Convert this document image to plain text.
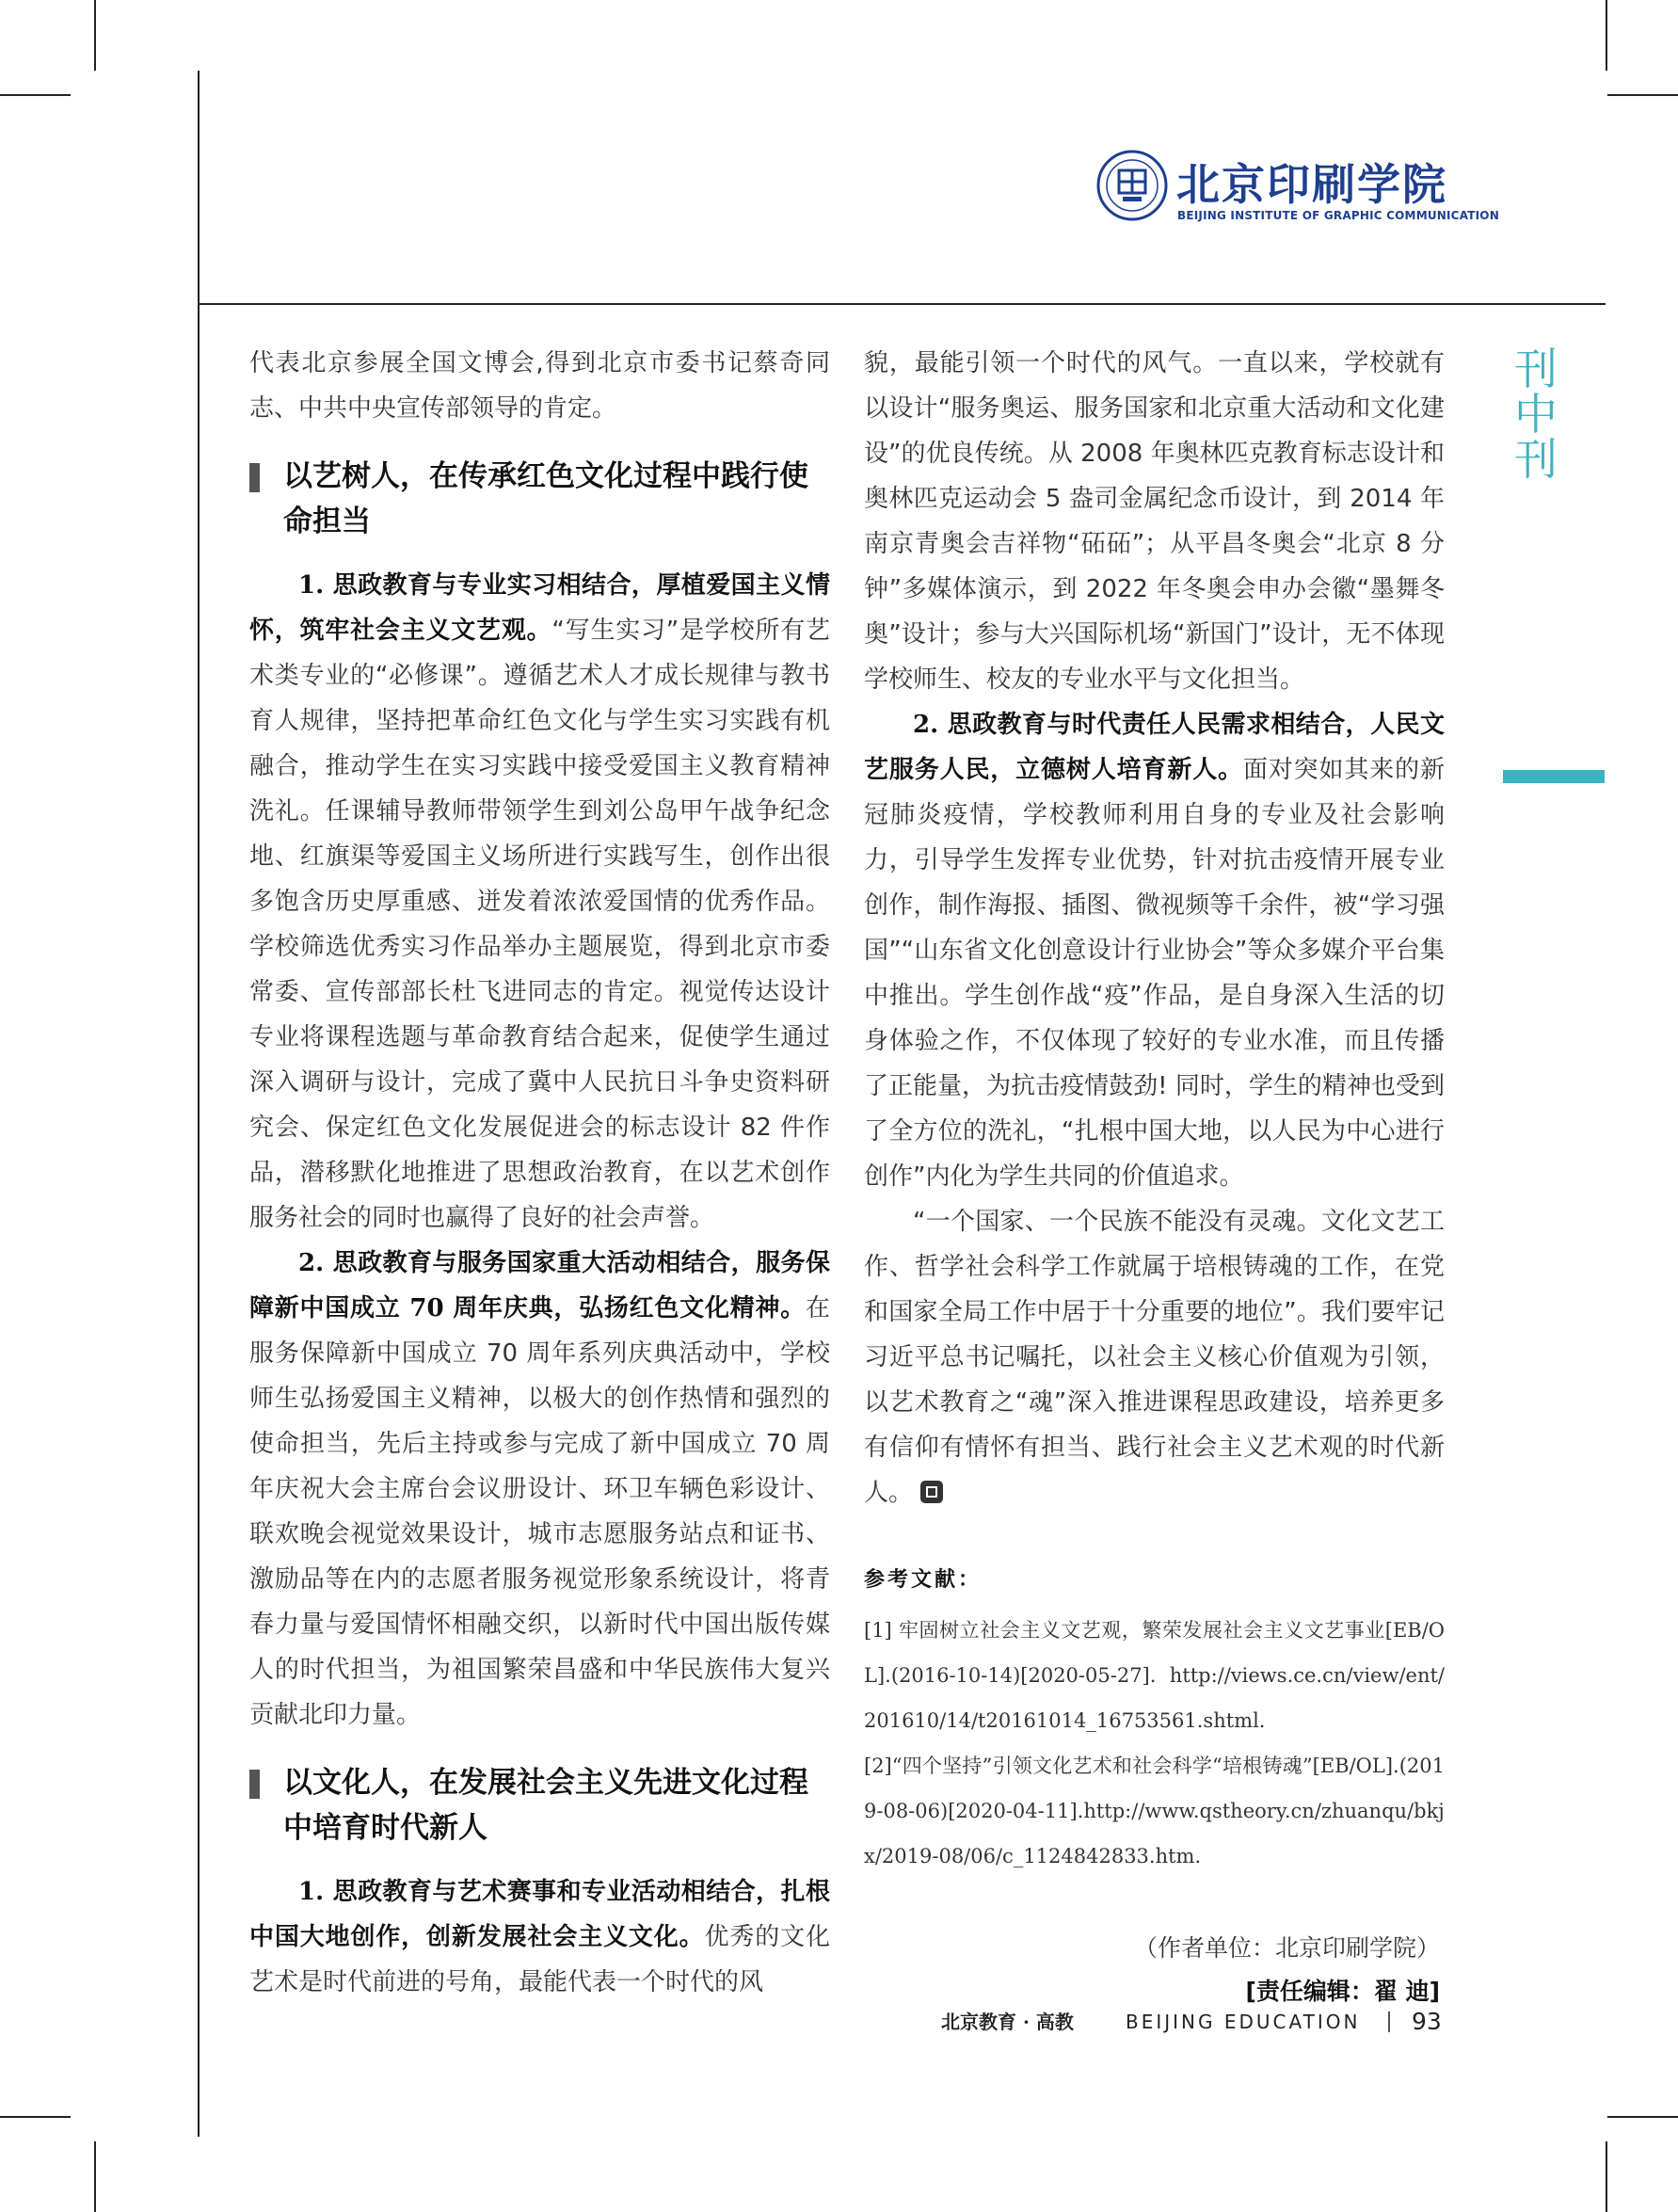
北京印刷学院
BEIJING INSTITUTE OF GRAPHIC COMMUNICATION
刊
中
刊

代表北京参展全国文博会,得到北京市委书记蔡奇同志、中共中央宣传部领导的肯定。

以艺树人，在传承红色文化过程中践行使命担当

1. 思政教育与专业实习相结合，厚植爱国主义情怀，筑牢社会主义文艺观。“写生实习”是学校所有艺术类专业的“必修课”。遵循艺术人才成长规律与教书育人规律，坚持把革命红色文化与学生实习实践有机融合，推动学生在实习实践中接受爱国主义教育精神洗礼。任课辅导教师带领学生到刘公岛甲午战争纪念地、红旗渠等爱国主义场所进行实践写生，创作出很多饱含历史厚重感、迸发着浓浓爱国情的优秀作品。学校筛选优秀实习作品举办主题展览，得到北京市委常委、宣传部部长杜飞进同志的肯定。视觉传达设计专业将课程选题与革命教育结合起来，促使学生通过深入调研与设计，完成了冀中人民抗日斗争史资料研究会、保定红色文化发展促进会的标志设计 82 件作品，潜移默化地推进了思想政治教育，在以艺术创作服务社会的同时也赢得了良好的社会声誉。

2. 思政教育与服务国家重大活动相结合，服务保障新中国成立 70 周年庆典，弘扬红色文化精神。在服务保障新中国成立 70 周年系列庆典活动中，学校师生弘扬爱国主义精神，以极大的创作热情和强烈的使命担当，先后主持或参与完成了新中国成立 70 周年庆祝大会主席台会议册设计、环卫车辆色彩设计、联欢晚会视觉效果设计，城市志愿服务站点和证书、激励品等在内的志愿者服务视觉形象系统设计，将青春力量与爱国情怀相融交织，以新时代中国出版传媒人的时代担当，为祖国繁荣昌盛和中华民族伟大复兴贡献北印力量。

以文化人，在发展社会主义先进文化过程中培育时代新人

1. 思政教育与艺术赛事和专业活动相结合，扎根中国大地创作，创新发展社会主义文化。优秀的文化艺术是时代前进的号角，最能代表一个时代的风

貌，最能引领一个时代的风气。一直以来，学校就有以设计“服务奥运、服务国家和北京重大活动和文化建设”的优良传统。从 2008 年奥林匹克教育标志设计和奥林匹克运动会 5 盎司金属纪念币设计，到 2014 年南京青奥会吉祥物“砳砳”；从平昌冬奥会“北京 8 分钟”多媒体演示，到 2022 年冬奥会申办会徽“墨舞冬奥”设计；参与大兴国际机场“新国门”设计，无不体现学校师生、校友的专业水平与文化担当。

2. 思政教育与时代责任人民需求相结合，人民文艺服务人民，立德树人培育新人。面对突如其来的新冠肺炎疫情，学校教师利用自身的专业及社会影响力，引导学生发挥专业优势，针对抗击疫情开展专业创作，制作海报、插图、微视频等千余件，被“学习强国”“山东省文化创意设计行业协会”等众多媒介平台集中推出。学生创作战“疫”作品，是自身深入生活的切身体验之作，不仅体现了较好的专业水准，而且传播了正能量，为抗击疫情鼓劲! 同时，学生的精神也受到了全方位的洗礼，“扎根中国大地，以人民为中心进行创作”内化为学生共同的价值追求。

“一个国家、一个民族不能没有灵魂。文化文艺工作、哲学社会科学工作就属于培根铸魂的工作，在党和国家全局工作中居于十分重要的地位”。我们要牢记习近平总书记嘱托，以社会主义核心价值观为引领，以艺术教育之“魂”深入推进课程思政建设，培养更多有信仰有情怀有担当、践行社会主义艺术观的时代新人。

参考文献：
[1] 牢固树立社会主义文艺观，繁荣发展社会主义文艺事业[EB/OL].(2016-10-14)[2020-05-27]. http://views.ce.cn/view/ent/201610/14/t20161014_16753561.shtml.
[2]“四个坚持”引领文化艺术和社会科学“培根铸魂”[EB/OL].(2019-08-06)[2020-04-11].http://www.qstheory.cn/zhuanqu/bkjx/2019-08/06/c_1124842833.htm.
（作者单位：北京印刷学院）
[责任编辑：翟 迪]
北京教育 · 高教	BEIJING EDUCATION 93
